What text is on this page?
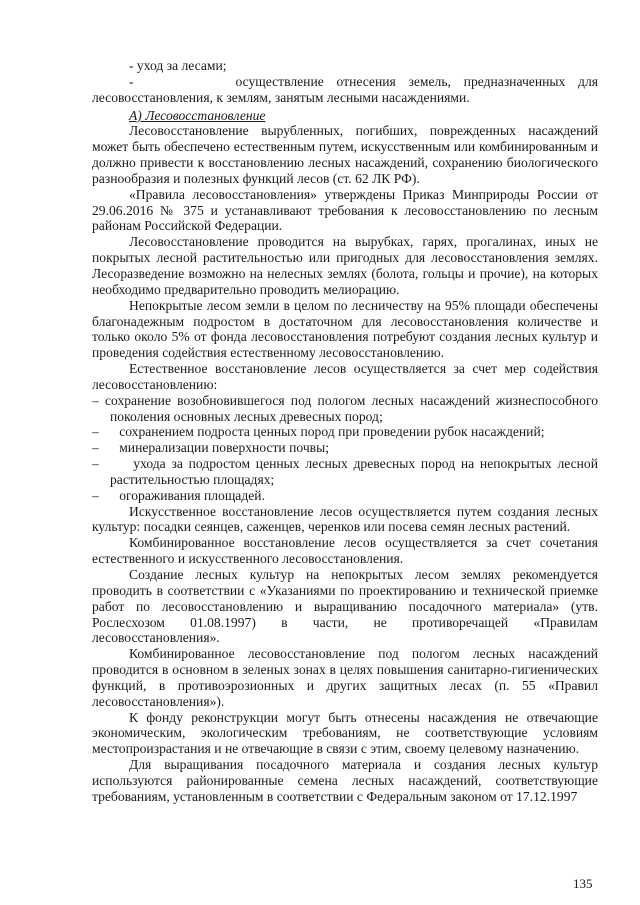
- уход за лесами;

-        осуществление отнесения земель, предназначенных для лесовосстановления, к землям, занятым лесными насаждениями.

А) Лесовосстановление

Лесовосстановление вырубленных, погибших, поврежденных насаждений может быть обеспечено естественным путем, искусственным или комбинированным и должно привести к восстановлению лесных насаждений, сохранению биологического разнообразия и полезных функций лесов (ст. 62 ЛК РФ).

«Правила лесовосстановления» утверждены Приказ Минприроды России от 29.06.2016 № 375 и устанавливают требования к лесовосстановлению по лесным районам Российской Федерации.

Лесовосстановление проводится на вырубках, гарях, прогалинах, иных не покрытых лесной растительностью или пригодных для лесовосстановления землях. Лесоразведение возможно на нелесных землях (болота, гольцы и прочие), на которых необходимо предварительно проводить мелиорацию.

Непокрытые лесом земли в целом по лесничеству на 95% площади обеспечены благонадежным подростом в достаточном для лесовосстановления количестве и только около 5% от фонда лесовосстановления потребуют создания лесных культур и проведения содействия естественному лесовосстановлению.

Естественное восстановление лесов осуществляется за счет мер содействия лесовосстановлению:

– сохранение возобновившегося под пологом лесных насаждений жизнеспособного поколения основных лесных древесных пород;

–      сохранением подроста ценных пород при проведении рубок насаждений;

–      минерализации поверхности почвы;

–      ухода за подростом ценных лесных древесных пород на непокрытых лесной растительностью площадях;

–      огораживания площадей.

Искусственное восстановление лесов осуществляется путем создания лесных культур: посадки сеянцев, саженцев, черенков или посева семян лесных растений.

Комбинированное восстановление лесов осуществляется за счет сочетания естественного и искусственного лесовосстановления.

Создание лесных культур на непокрытых лесом землях рекомендуется проводить в соответствии с «Указаниями по проектированию и технической приемке работ по лесовосстановлению и выращиванию посадочного материала» (утв. Рослесхозом 01.08.1997) в части, не противоречащей «Правилам лесовосстановления».

Комбинированное лесовосстановление под пологом лесных насаждений проводится в основном в зеленых зонах в целях повышения санитарно-гигиенических функций, в противоэрозионных и других защитных лесах (п. 55 «Правил лесовосстановления»).

К фонду реконструкции могут быть отнесены насаждения не отвечающие экономическим, экологическим требованиям, не соответствующие условиям местопроизрастания и не отвечающие в связи с этим, своему целевому назначению.

Для выращивания посадочного материала и создания лесных культур используются районированные семена лесных насаждений, соответствующие требованиям, установленным в соответствии с Федеральным законом от 17.12.1997

135
